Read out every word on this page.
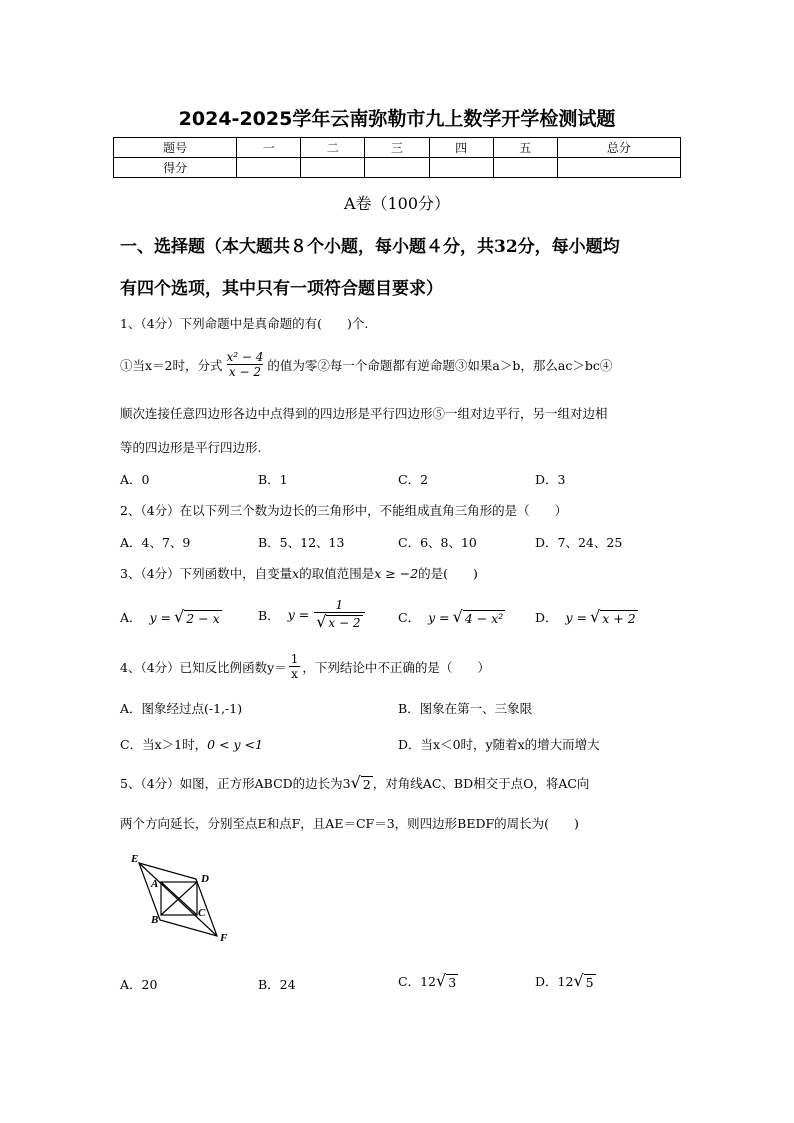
2024-2025学年云南弥勒市九上数学开学检测试题
题号	一	二	三	四	五	总分
得分						
A卷（100分）
一、选择题（本大题共８个小题，每小题４分，共32分，每小题均
有四个选项，其中只有一项符合题目要求）
1、（4分）下列命题中是真命题的有(　　)个.
①当x＝2时，分式 $\frac{\text{x² − 4}}{x - 2}$ 的值为零②每一个命题都有逆命题③如果a＞b，那么ac＞bc④
顺次连接任意四边形各边中点得到的四边形是平行四边形⑤一组对边平行，另一组对边相
等的四边形是平行四边形.
A．0	B．1	C．2	D．3
2、（4分）在以下列三个数为边长的三角形中，不能组成直角三角形的是（　　）
A．4、7、9	B．5、12、13	C．6、8、10	D．7、24、25
3、（4分）下列函数中，自变量x的取值范围是x ≥ −2的是(　　)
A． y = √ 2 − x	B． $y = \frac{1}{√ x - 2}$	C． y = √ 4 − x²	D． y = √ x + 2
4、（4分）已知反比例函数$y= \frac{1}{x}$ ，下列结论中不正确的是（　　）
A．图象经过点(-1,-1)	B．图象在第一、三象限
C．当x＞1时，0 < y <1	D．当x＜0时，y随着x的增大而增大
5、（4分）如图，正方形ABCD的边长为3 √ 2 ，对角线AC、BD相交于点O，将AC向
两个方向延长，分别至点E和点F，且AE＝CF＝3，则四边形BEDF的周长为(　　)
E
A	D
B
C
F
A．20	B．24	C．12 √ 3	D．12 √ 5
